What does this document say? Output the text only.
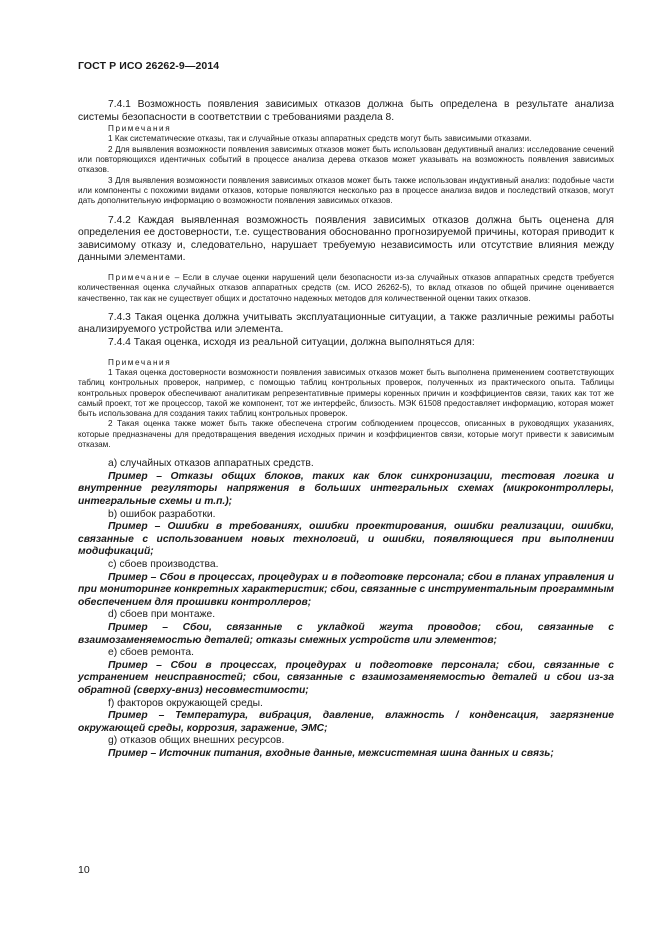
ГОСТ Р ИСО 26262-9—2014

7.4.1 Возможность появления зависимых отказов должна быть определена в результате анализа системы безопасности в соответствии с требованиями раздела 8.

Примечания

1 Как систематические отказы, так и случайные отказы аппаратных средств могут быть зависимыми отказами.

2 Для выявления возможности появления зависимых отказов может быть использован дедуктивный анализ: исследование сечений или повторяющихся идентичных событий в процессе анализа дерева отказов может указывать на возможность появления зависимых отказов.

3 Для выявления возможности появления зависимых отказов может быть также использован индуктивный анализ: подобные части или компоненты с похожими видами отказов, которые появляются несколько раз в процессе анализа видов и последствий отказов, могут дать дополнительную информацию о возможности появления зависимых отказов.

7.4.2 Каждая выявленная возможность появления зависимых отказов должна быть оценена для определения ее достоверности, т.е. существования обоснованно прогнозируемой причины, которая приводит к зависимому отказу и, следовательно, нарушает требуемую независимость или отсутствие влияния между данными элементами.

Примечание – Если в случае оценки нарушений цели безопасности из-за случайных отказов аппаратных средств требуется количественная оценка случайных отказов аппаратных средств (см. ИСО 26262-5), то вклад отказов по общей причине оценивается качественно, так как не существует общих и достаточно надежных методов для количественной оценки таких отказов.

7.4.3 Такая оценка должна учитывать эксплуатационные ситуации, а также различные режимы работы анализируемого устройства или элемента.

7.4.4 Такая оценка, исходя из реальной ситуации, должна выполняться для:

Примечания

1 Такая оценка достоверности возможности появления зависимых отказов может быть выполнена применением соответствующих таблиц контрольных проверок, например, с помощью таблиц контрольных проверок, полученных из практического опыта. Таблицы контрольных проверок обеспечивают аналитикам репрезентативные примеры коренных причин и коэффициентов связи, таких как тот же самый проект, тот же процессор, такой же компонент, тот же интерфейс, близость. МЭК 61508 предоставляет информацию, которая может быть использована для создания таких таблиц контрольных проверок.

2 Такая оценка также может быть также обеспечена строгим соблюдением процессов, описанных в руководящих указаниях, которые предназначены для предотвращения введения исходных причин и коэффициентов связи, которые могут привести к зависимым отказам.

a) случайных отказов аппаратных средств.

Пример – Отказы общих блоков, таких как блок синхронизации, тестовая логика и внутренние регуляторы напряжения в больших интегральных схемах (микроконтроллеры, интегральные схемы и т.п.);

b) ошибок разработки.

Пример – Ошибки в требованиях, ошибки проектирования, ошибки реализации, ошибки, связанные с использованием новых технологий, и ошибки, появляющиеся при выполнении модификаций;

c) сбоев производства.

Пример – Сбои в процессах, процедурах и в подготовке персонала; сбои в планах управления и при мониторинге конкретных характеристик; сбои, связанные с инструментальным программным обеспечением для прошивки контроллеров;

d) сбоев при монтаже.

Пример – Сбои, связанные с укладкой жгута проводов; сбои, связанные с взаимозаменяемостью деталей; отказы смежных устройств или элементов;

e) сбоев ремонта.

Пример – Сбои в процессах, процедурах и подготовке персонала; сбои, связанные с устранением неисправностей; сбои, связанные с взаимозаменяемостью деталей и сбои из-за обратной (сверху-вниз) несовместимости;

f) факторов окружающей среды.

Пример – Температура, вибрация, давление, влажность / конденсация, загрязнение окружающей среды, коррозия, заражение, ЭМС;

g) отказов общих внешних ресурсов.

Пример – Источник питания, входные данные, межсистемная шина данных и связь;

10
